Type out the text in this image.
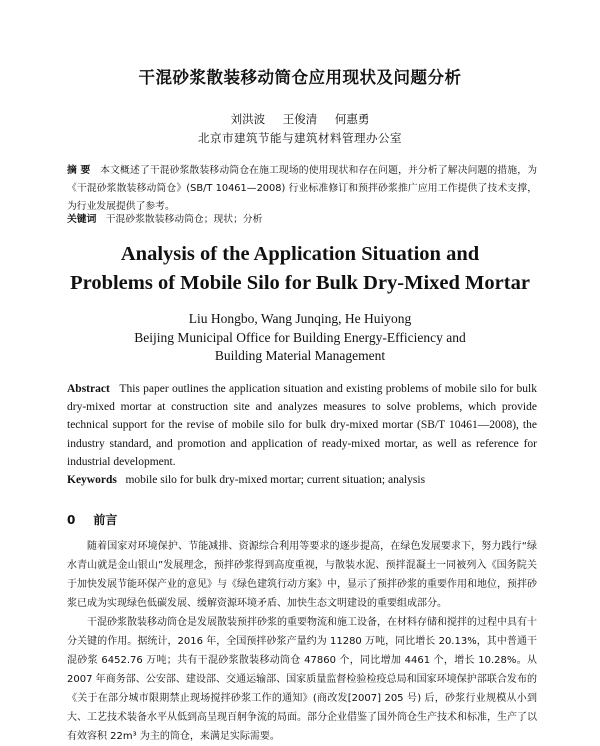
干混砂浆散装移动筒仓应用现状及问题分析
刘洪波 王俊清 何惠勇
北京市建筑节能与建筑材料管理办公室
摘 要 本文概述了干混砂浆散装移动筒仓在施工现场的使用现状和存在问题，并分析了解决问题的措施，为《干混砂浆散装移动筒仓》(SB/T 10461—2008) 行业标准修订和预拌砂浆推广应用工作提供了技术支撑，为行业发展提供了参考。
关键词 干混砂浆散装移动筒仓；现状；分析
Analysis of the Application Situation and
Problems of Mobile Silo for Bulk Dry-Mixed Mortar
Liu Hongbo, Wang Junqing, He Huiyong
Beijing Municipal Office for Building Energy-Efficiency and
Building Material Management
Abstract This paper outlines the application situation and existing problems of mobile silo for bulk dry-mixed mortar at construction site and analyzes measures to solve problems, which provide technical support for the revise of mobile silo for bulk dry-mixed mortar (SB/T 10461—2008), the industry standard, and promotion and application of ready-mixed mortar, as well as reference for industrial development.
Keywords mobile silo for bulk dry-mixed mortar; current situation; analysis
0 前言
随着国家对环境保护、节能减排、资源综合利用等要求的逐步提高，在绿色发展要求下，努力践行“绿水青山就是金山银山”发展理念，预拌砂浆得到高度重视，与散装水泥、预拌混凝土一同被列入《国务院关于加快发展节能环保产业的意见》与《绿色建筑行动方案》中，显示了预拌砂浆的重要作用和地位，预拌砂浆已成为实现绿色低碳发展、缓解资源环境矛盾、加快生态文明建设的重要组成部分。
干混砂浆散装移动筒仓是发展散装预拌砂浆的重要物流和施工设备，在材料存储和搅拌的过程中具有十分关键的作用。据统计，2016 年，全国预拌砂浆产量约为 11280 万吨，同比增长 20.13%，其中普通干混砂浆 6452.76 万吨；共有干混砂浆散装移动筒仓 47860 个，同比增加 4461 个，增长 10.28%。从 2007 年商务部、公安部、建设部、交通运输部、国家质量监督检验检疫总局和国家环境保护部联合发布的《关于在部分城市限期禁止现场搅拌砂浆工作的通知》(商改发[2007] 205 号) 后，砂浆行业规模从小到大、工艺技术装备水平从低到高呈现百舸争流的局面。部分企业借鉴了国外筒仓生产技术和标准，生产了以有效容积 22m³ 为主的筒仓，来满足实际需要。
